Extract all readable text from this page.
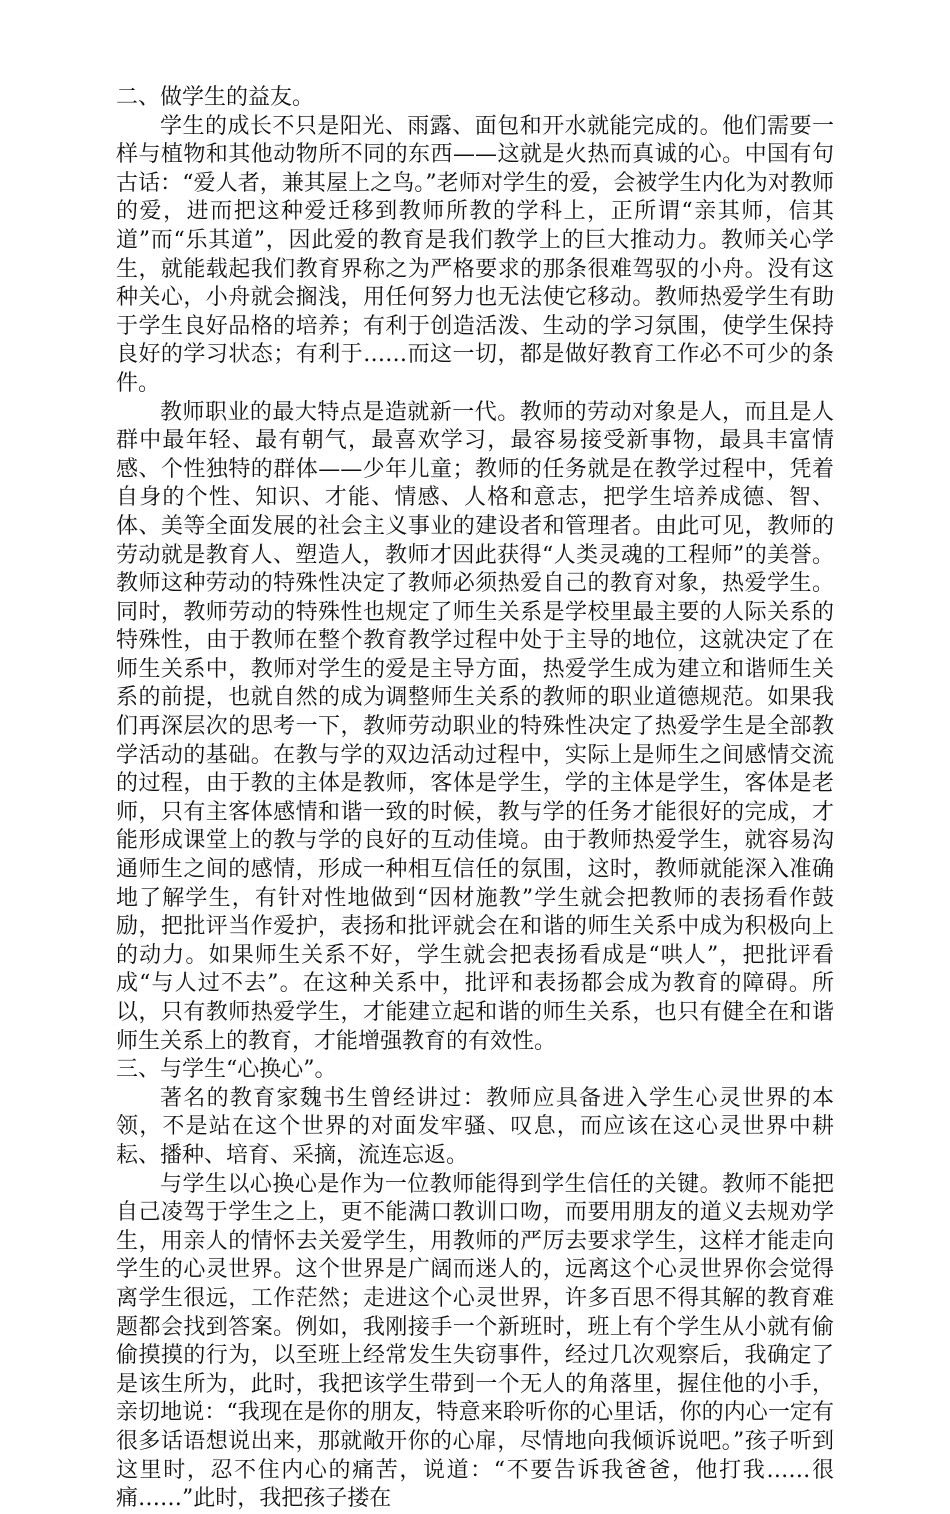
二、做学生的益友。

学生的成长不只是阳光、雨露、面包和开水就能完成的。他们需要一样与植物和其他动物所不同的东西——这就是火热而真诚的心。中国有句古话：“爱人者，兼其屋上之鸟。”老师对学生的爱，会被学生内化为对教师的爱，进而把这种爱迁移到教师所教的学科上，正所谓“亲其师，信其道”而“乐其道”，因此爱的教育是我们教学上的巨大推动力。教师关心学生，就能载起我们教育界称之为严格要求的那条很难驾驭的小舟。没有这种关心，小舟就会搁浅，用任何努力也无法使它移动。教师热爱学生有助于学生良好品格的培养；有利于创造活泼、生动的学习氛围，使学生保持良好的学习状态；有利于……而这一切，都是做好教育工作必不可少的条件。

教师职业的最大特点是造就新一代。教师的劳动对象是人，而且是人群中最年轻、最有朝气，最喜欢学习，最容易接受新事物，最具丰富情感、个性独特的群体——少年儿童；教师的任务就是在教学过程中，凭着自身的个性、知识、才能、情感、人格和意志，把学生培养成德、智、体、美等全面发展的社会主义事业的建设者和管理者。由此可见，教师的劳动就是教育人、塑造人，教师才因此获得“人类灵魂的工程师”的美誉。教师这种劳动的特殊性决定了教师必须热爱自己的教育对象，热爱学生。同时，教师劳动的特殊性也规定了师生关系是学校里最主要的人际关系的特殊性，由于教师在整个教育教学过程中处于主导的地位，这就决定了在师生关系中，教师对学生的爱是主导方面，热爱学生成为建立和谐师生关系的前提，也就自然的成为调整师生关系的教师的职业道德规范。如果我们再深层次的思考一下，教师劳动职业的特殊性决定了热爱学生是全部教学活动的基础。在教与学的双边活动过程中，实际上是师生之间感情交流的过程，由于教的主体是教师，客体是学生，学的主体是学生，客体是老师，只有主客体感情和谐一致的时候，教与学的任务才能很好的完成，才能形成课堂上的教与学的良好的互动佳境。由于教师热爱学生，就容易沟通师生之间的感情，形成一种相互信任的氛围，这时，教师就能深入准确地了解学生，有针对性地做到“因材施教”学生就会把教师的表扬看作鼓励，把批评当作爱护，表扬和批评就会在和谐的师生关系中成为积极向上的动力。如果师生关系不好，学生就会把表扬看成是“哄人”，把批评看成“与人过不去”。在这种关系中，批评和表扬都会成为教育的障碍。所以，只有教师热爱学生，才能建立起和谐的师生关系，也只有健全在和谐师生关系上的教育，才能增强教育的有效性。

三、与学生“心换心”。

著名的教育家魏书生曾经讲过：教师应具备进入学生心灵世界的本领，不是站在这个世界的对面发牢骚、叹息，而应该在这心灵世界中耕耘、播种、培育、采摘，流连忘返。

与学生以心换心是作为一位教师能得到学生信任的关键。教师不能把自己凌驾于学生之上，更不能满口教训口吻，而要用朋友的道义去规劝学生，用亲人的情怀去关爱学生，用教师的严厉去要求学生，这样才能走向学生的心灵世界。这个世界是广阔而迷人的，远离这个心灵世界你会觉得离学生很远，工作茫然；走进这个心灵世界，许多百思不得其解的教育难题都会找到答案。例如，我刚接手一个新班时，班上有个学生从小就有偷偷摸摸的行为，以至班上经常发生失窃事件，经过几次观察后，我确定了是该生所为，此时，我把该学生带到一个无人的角落里，握住他的小手，亲切地说：“我现在是你的朋友，特意来聆听你的心里话，你的内心一定有很多话语想说出来，那就敞开你的心扉，尽情地向我倾诉说吧。”孩子听到这里时，忍不住内心的痛苦，说道：“不要告诉我爸爸，他打我……很痛……”此时，我把孩子搂在
